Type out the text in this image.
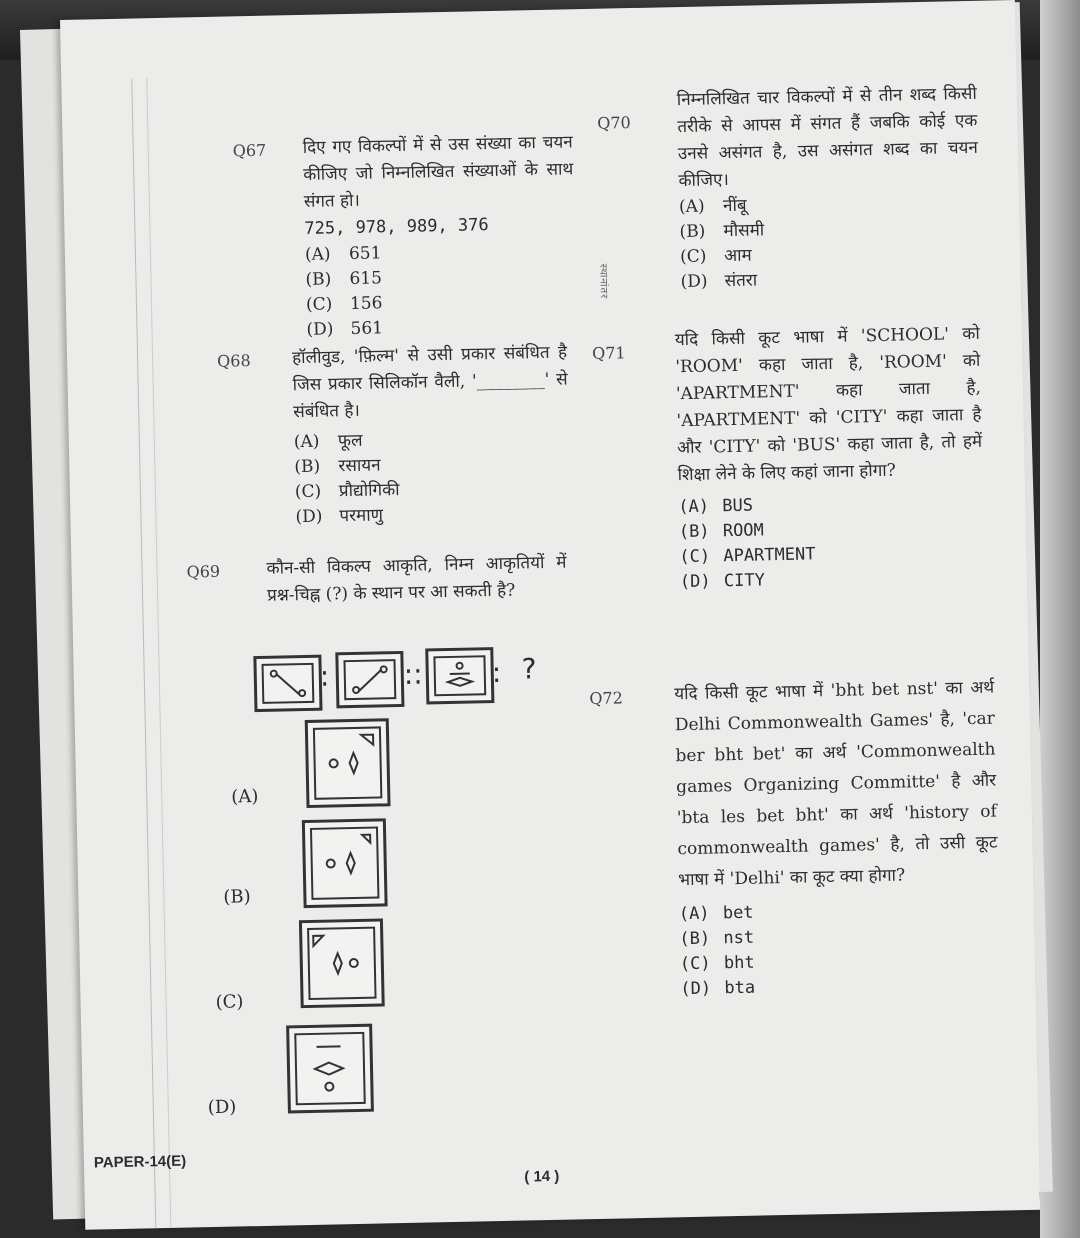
Q67 दिए गए विकल्पों में से उस संख्या का चयन कीजिए जो निम्नलिखित संख्याओं के साथ संगत हो।
725, 978, 989, 376
(A) 651
(B) 615
(C) 156
(D) 561
Q68 हॉलीवुड, 'फ़िल्म' से उसी प्रकार संबंधित है जिस प्रकार सिलिकॉन वैली, '________' से संबंधित है।
(A) फूल
(B) रसायन
(C) प्रौद्योगिकी
(D) परमाणु
Q69	कौन-सी विकल्प आकृति, निम्न आकृतियों में प्रश्न-चिह्न (?) के स्थान पर आ सकती है?
:	:: : ?
(A)
(B)
(C)
(D)
स्थानांतर
Q70
निम्नलिखित चार विकल्पों में से तीन शब्द किसी तरीके से आपस में संगत हैं जबकि कोई एक उनसे असंगत है, उस असंगत शब्द का चयन कीजिए।
(A) नींबू
(B) मौसमी
(C) आम
(D) संतरा
Q71
यदि किसी कूट भाषा में 'SCHOOL' को 'ROOM' कहा जाता है, 'ROOM' को 'APARTMENT' कहा जाता है, 'APARTMENT' को 'CITY' कहा जाता है और 'CITY' को 'BUS' कहा जाता है, तो हमें शिक्षा लेने के लिए कहां जाना होगा?
(A) BUS
(B) ROOM
(C) APARTMENT
(D) CITY
Q72	यदि किसी कूट भाषा में 'bht bet nst' का अर्थ Delhi Commonwealth Games' है, 'car ber bht bet' का अर्थ 'Commonwealth games Organizing Committe' है और 'bta les bet bht' का अर्थ 'history of commonwealth games' है, तो उसी कूट भाषा में 'Delhi' का कूट क्या होगा?
(A) bet
(B) nst
(C) bht
(D) bta
PAPER-14(E)
( 14 )
